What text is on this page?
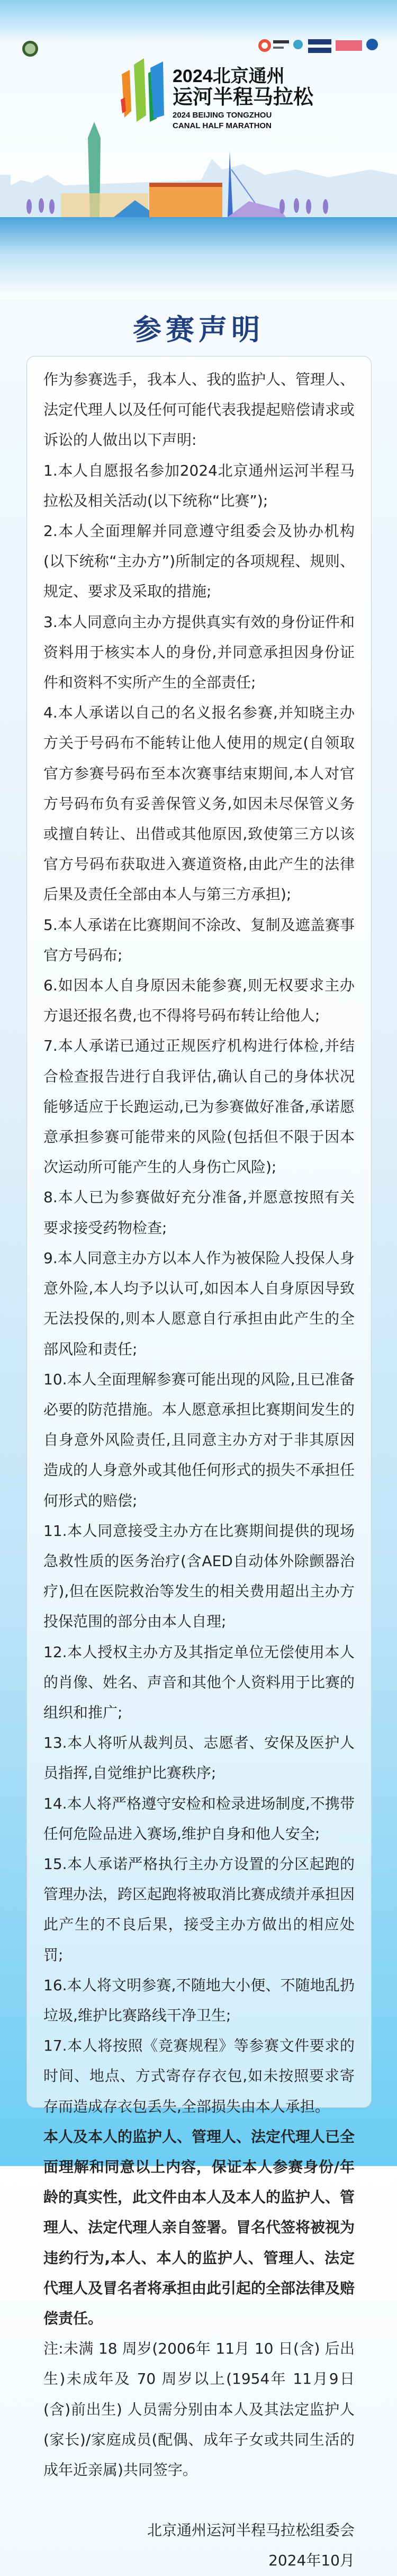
2024北京通州
运河半程马拉松
2024 BEIJING TONGZHOU
CANAL HALF MARATHON
参赛声明

作为参赛选手，我本人、我的监护人、管理人、法定代理人以及任何可能代表我提起赔偿请求或诉讼的人做出以下声明:

1.本人自愿报名参加2024北京通州运河半程马拉松及相关活动(以下统称“比赛”);

2.本人全面理解并同意遵守组委会及协办机构(以下统称“主办方”)所制定的各项规程、规则、规定、要求及采取的措施;

3.本人同意向主办方提供真实有效的身份证件和资料用于核实本人的身份,并同意承担因身份证件和资料不实所产生的全部责任;

4.本人承诺以自己的名义报名参赛,并知晓主办方关于号码布不能转让他人使用的规定(自领取官方参赛号码布至本次赛事结束期间,本人对官方号码布负有妥善保管义务,如因未尽保管义务或擅自转让、出借或其他原因,致使第三方以该官方号码布获取进入赛道资格,由此产生的法律后果及责任全部由本人与第三方承担);

5.本人承诺在比赛期间不涂改、复制及遮盖赛事官方号码布;

6.如因本人自身原因未能参赛,则无权要求主办方退还报名费,也不得将号码布转让给他人;

7.本人承诺已通过正规医疗机构进行体检,并结合检查报告进行自我评估,确认自己的身体状况能够适应于长跑运动,已为参赛做好准备,承诺愿意承担参赛可能带来的风险(包括但不限于因本次运动所可能产生的人身伤亡风险);

8.本人已为参赛做好充分准备,并愿意按照有关要求接受药物检查;

9.本人同意主办方以本人作为被保险人投保人身意外险,本人均予以认可,如因本人自身原因导致无法投保的,则本人愿意自行承担由此产生的全部风险和责任;

10.本人全面理解参赛可能出现的风险,且已准备必要的防范措施。本人愿意承担比赛期间发生的自身意外风险责任,且同意主办方对于非其原因造成的人身意外或其他任何形式的损失不承担任何形式的赔偿;

11.本人同意接受主办方在比赛期间提供的现场急救性质的医务治疗(含AED自动体外除颤器治疗),但在医院救治等发生的相关费用超出主办方投保范围的部分由本人自理;

12.本人授权主办方及其指定单位无偿使用本人的肖像、姓名、声音和其他个人资料用于比赛的组织和推广;

13.本人将听从裁判员、志愿者、安保及医护人员指挥,自觉维护比赛秩序;

14.本人将严格遵守安检和检录进场制度,不携带任何危险品进入赛场,维护自身和他人安全;

15.本人承诺严格执行主办方设置的分区起跑的管理办法，跨区起跑将被取消比赛成绩并承担因此产生的不良后果，接受主办方做出的相应处罚;

16.本人将文明参赛,不随地大小便、不随地乱扔垃圾,维护比赛路线干净卫生;

17.本人将按照《竞赛规程》等参赛文件要求的时间、地点、方式寄存存衣包,如未按照要求寄存而造成存衣包丢失,全部损失由本人承担。

本人及本人的监护人、管理人、法定代理人已全面理解和同意以上内容，保证本人参赛身份/年龄的真实性，此文件由本人及本人的监护人、管理人、法定代理人亲自签署。冒名代签将被视为违约行为,本人、本人的监护人、管理人、法定代理人及冒名者将承担由此引起的全部法律及赔偿责任。

注:未满 18 周岁(2006年 11月 10 日(含) 后出生)未成年及 70 周岁以上(1954年 11月9日(含)前出生) 人员需分别由本人及其法定监护人(家长)/家庭成员(配偶、成年子女或共同生活的成年近亲属)共同签字。

北京通州运河半程马拉松组委会
2024年10月
